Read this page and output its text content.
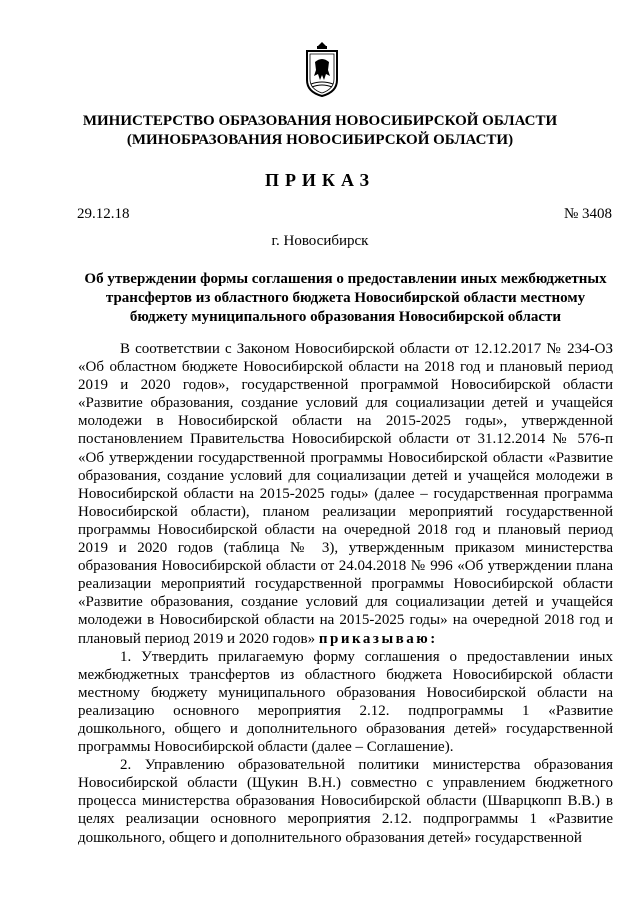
МИНИСТЕРСТВО ОБРАЗОВАНИЯ НОВОСИБИРСКОЙ ОБЛАСТИ
(МИНОБРАЗОВАНИЯ НОВОСИБИРСКОЙ ОБЛАСТИ)
ПРИКАЗ
29.12.18	№ 3408
г. Новосибирск
Об утверждении формы соглашения о предоставлении иных межбюджетных трансфертов из областного бюджета Новосибирской области местному бюджету муниципального образования Новосибирской области

В соответствии с Законом Новосибирской области от 12.12.2017 № 234-ОЗ «Об областном бюджете Новосибирской области на 2018 год и плановый период 2019 и 2020 годов», государственной программой Новосибирской области «Развитие образования, создание условий для социализации детей и учащейся молодежи в Новосибирской области на 2015-2025 годы», утвержденной постановлением Правительства Новосибирской области от 31.12.2014 № 576-п «Об утверждении государственной программы Новосибирской области «Развитие образования, создание условий для социализации детей и учащейся молодежи в Новосибирской области на 2015-2025 годы» (далее – государственная программа Новосибирской области), планом реализации мероприятий государственной программы Новосибирской области на очередной 2018 год и плановый период 2019 и 2020 годов (таблица № 3), утвержденным приказом министерства образования Новосибирской области от 24.04.2018 № 996 «Об утверждении плана реализации мероприятий государственной программы Новосибирской области «Развитие образования, создание условий для социализации детей и учащейся молодежи в Новосибирской области на 2015-2025 годы» на очередной 2018 год и плановый период 2019 и 2020 годов» приказываю:

1. Утвердить прилагаемую форму соглашения о предоставлении иных межбюджетных трансфертов из областного бюджета Новосибирской области местному бюджету муниципального образования Новосибирской области на реализацию основного мероприятия 2.12. подпрограммы 1 «Развитие дошкольного, общего и дополнительного образования детей» государственной программы Новосибирской области (далее – Соглашение).

2. Управлению образовательной политики министерства образования Новосибирской области (Щукин В.Н.) совместно с управлением бюджетного процесса министерства образования Новосибирской области (Шварцкопп В.В.) в целях реализации основного мероприятия 2.12. подпрограммы 1 «Развитие дошкольного, общего и дополнительного образования детей» государственной
